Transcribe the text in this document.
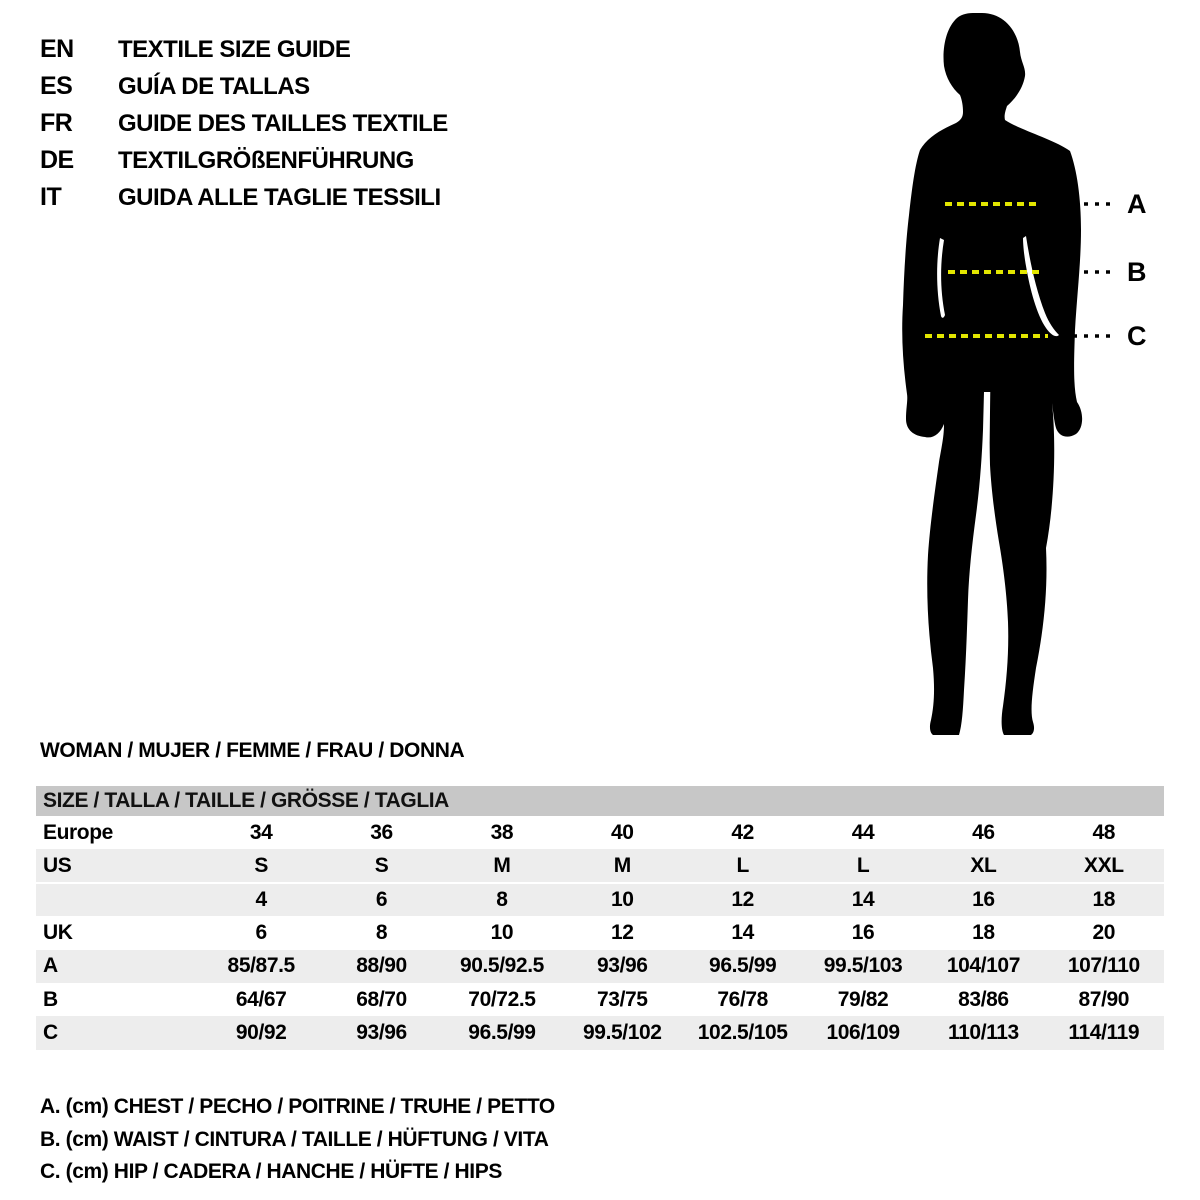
EN	TEXTILE SIZE GUIDE
ES	GUÍA DE TALLAS
FR	GUIDE DES TAILLES TEXTILE
DE	TEXTILGRÖßENFÜHRUNG
IT	GUIDA ALLE TAGLIE TESSILI	A
B
C
WOMAN / MUJER / FEMME / FRAU / DONNA
SIZE / TALLA / TAILLE / GRÖSSE / TAGLIA
Europe	34	36	38	40	42	44	46	48
US	S	S	M	M	L	L	XL	XXL
	4	6	8	10	12	14	16	18
UK	6	8	10	12	14	16	18	20
A	85/87.5	88/90	90.5/92.5	93/96	96.5/99	99.5/103	104/107	107/110
B	64/67	68/70	70/72.5	73/75	76/78	79/82	83/86	87/90
C	90/92	93/96	96.5/99	99.5/102	102.5/105	106/109	110/113	114/119
A. (cm) CHEST / PECHO / POITRINE / TRUHE / PETTO
B. (cm) WAIST / CINTURA / TAILLE / HÜFTUNG / VITA
C. (cm) HIP / CADERA / HANCHE / HÜFTE / HIPS
